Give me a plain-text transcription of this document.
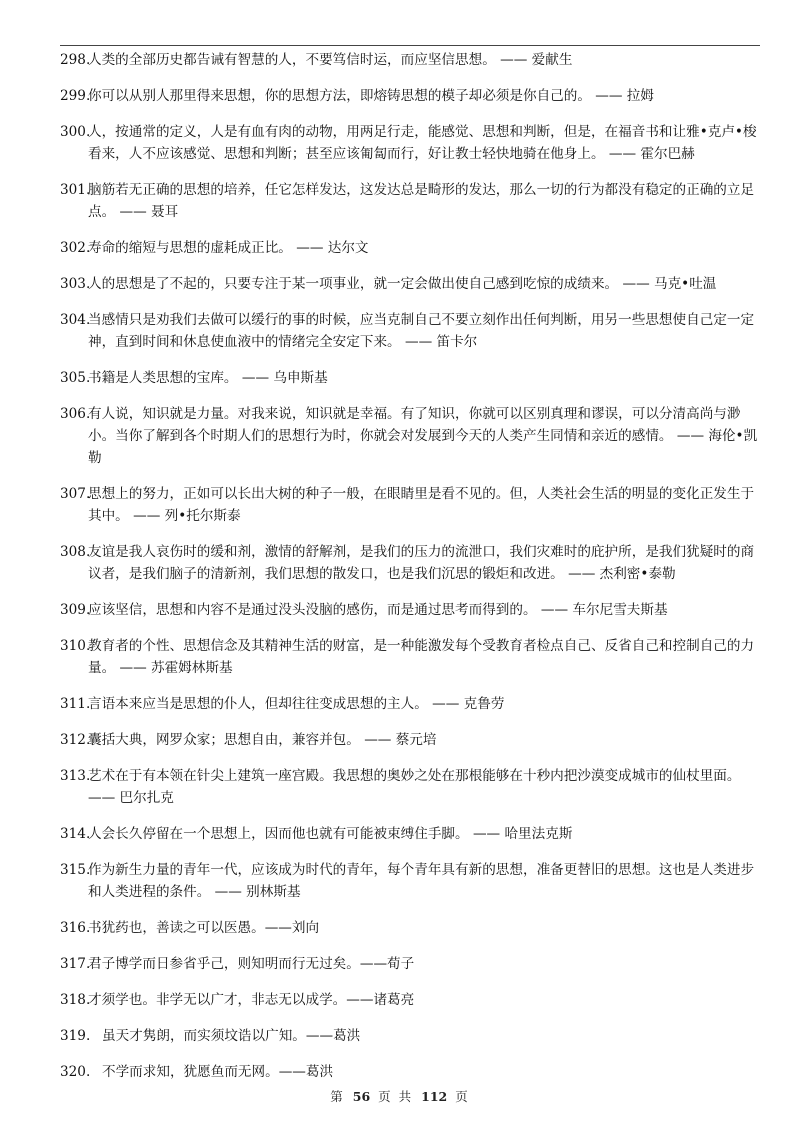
298.
人类的全部历史都告诫有智慧的人，不要笃信时运，而应坚信思想。 —— 爱献生
299.
你可以从别人那里得来思想，你的思想方法，即熔铸思想的模子却必须是你自己的。 —— 拉姆
300.
人，按通常的定义，人是有血有肉的动物，用两足行走，能感觉、思想和判断，但是，在福音书和让雅•克卢•梭看来，人不应该感觉、思想和判断；甚至应该匍匐而行，好让教士轻快地骑在他身上。 —— 霍尔巴赫
301.
脑筋若无正确的思想的培养，任它怎样发达，这发达总是畸形的发达，那么一切的行为都没有稳定的正确的立足点。 —— 聂耳
302.
寿命的缩短与思想的虚耗成正比。 —— 达尔文
303.
人的思想是了不起的，只要专注于某一项事业，就一定会做出使自己感到吃惊的成绩来。 —— 马克•吐温
304.
当感情只是劝我们去做可以缓行的事的时候，应当克制自己不要立刻作出任何判断，用另一些思想使自己定一定神，直到时间和休息使血液中的情绪完全安定下来。 —— 笛卡尔
305.
书籍是人类思想的宝库。 —— 乌申斯基
306.
有人说，知识就是力量。对我来说，知识就是幸福。有了知识，你就可以区别真理和谬误，可以分清高尚与渺小。当你了解到各个时期人们的思想行为时，你就会对发展到今天的人类产生同情和亲近的感情。 —— 海伦•凯勒
307.
思想上的努力，正如可以长出大树的种子一般，在眼睛里是看不见的。但，人类社会生活的明显的变化正发生于其中。 —— 列•托尔斯泰
308.
友谊是我人哀伤时的缓和剂，激情的舒解剂，是我们的压力的流泄口，我们灾难时的庇护所，是我们犹疑时的商议者，是我们脑子的清新剂，我们思想的散发口，也是我们沉思的锻炬和改进。 —— 杰利密•泰勒
309.
应该坚信，思想和内容不是通过没头没脑的感伤，而是通过思考而得到的。 —— 车尔尼雪夫斯基
310.
教育者的个性、思想信念及其精神生活的财富，是一种能激发每个受教育者检点自己、反省自己和控制自己的力量。 —— 苏霍姆林斯基
311.
言语本来应当是思想的仆人，但却往往变成思想的主人。 —— 克鲁劳
312.
囊括大典，网罗众家；思想自由，兼容并包。 —— 蔡元培
313.
艺术在于有本领在针尖上建筑一座宫殿。我思想的奥妙之处在那根能够在十秒内把沙漠变成城市的仙杖里面。 —— 巴尔扎克
314.
人会长久停留在一个思想上，因而他也就有可能被束缚住手脚。 —— 哈里法克斯
315.
作为新生力量的青年一代，应该成为时代的青年，每个青年具有新的思想，准备更替旧的思想。这也是人类进步和人类进程的条件。 —— 别林斯基
316.
书犹药也，善读之可以医愚。——刘向
317.
君子博学而日参省乎己，则知明而行无过矣。——荀子
318.
才须学也。非学无以广才，非志无以成学。——诸葛亮
319. 虽天才隽朗，而实须坟诰以广知。——葛洪
320. 不学而求知，犹愿鱼而无网。——葛洪
第 56 页 共 112 页
